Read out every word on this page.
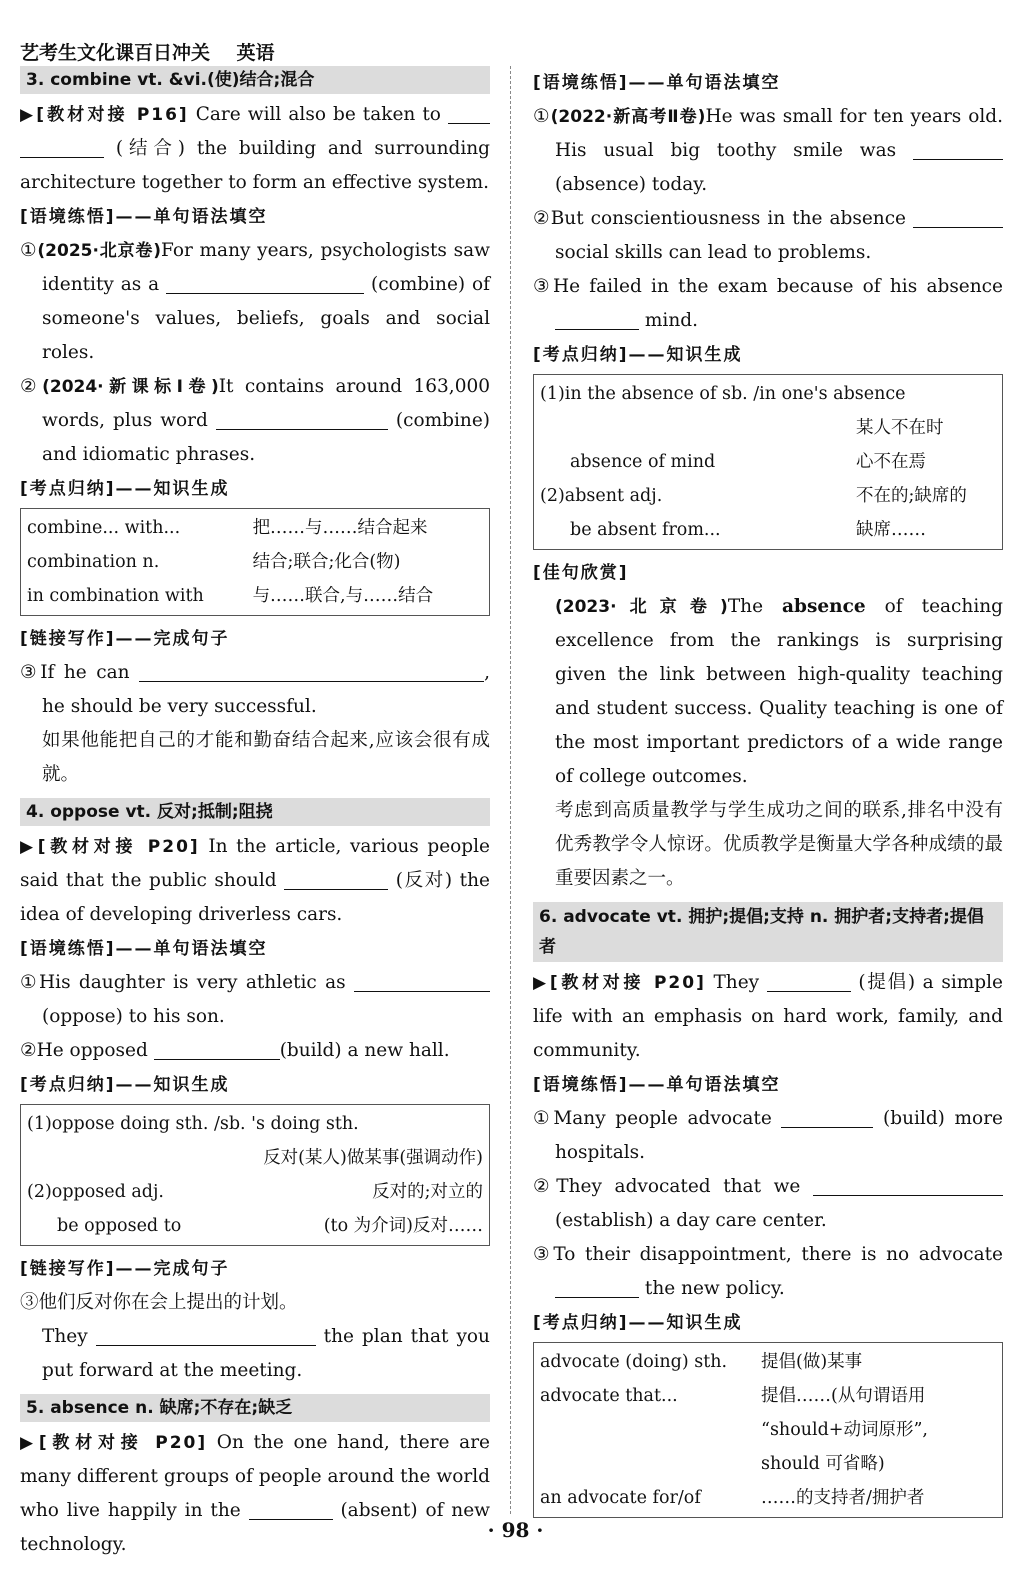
艺考生文化课百日冲关 英语
3. combine vt. &vi.(使)结合;混合

▶[教材对接 P16] Care will also be taken to   (结合) the building and surrounding architecture together to form an effective system.

[语境练悟]——单句语法填空

①(2025·北京卷)For many years, psychologists saw identity as a	(combine) of someone's values, beliefs, goals and social roles.

②(2024·新课标Ⅰ卷)It contains around 163,000 words, plus word	(combine) and idiomatic phrases.

[考点归纳]——知识生成
combine... with...	把……与……结合起来
combination n.	结合;联合;化合(物)
in combination with	与……联合,与……结合
[链接写作]——完成句子

③If he can	, he should be very successful.

如果他能把自己的才能和勤奋结合起来,应该会很有成就。

4. oppose vt. 反对;抵制;阻挠

▶[教材对接 P20] In the article, various people said that the public should	(反对) the idea of developing driverless cars.

[语境练悟]——单句语法填空

①His daughter is very athletic as  (oppose) to his son.

②He opposed	(build) a new hall.

[考点归纳]——知识生成
(1)oppose doing sth. /sb. 's doing sth.	
	反对(某人)做某事(强调动作)
(2)opposed adj.	反对的;对立的
be opposed to	(to 为介词)反对……
[链接写作]——完成句子

③他们反对你在会上提出的计划。

They	the plan that you put forward at the meeting.

5. absence n. 缺席;不存在;缺乏

▶[教材对接 P20] On the one hand, there are many different groups of people around the world who live happily in the	(absent) of new technology.

[语境练悟]——单句语法填空

①(2022·新高考Ⅱ卷)He was small for ten years old. His usual big toothy smile was  (absence) today.

②But conscientiousness in the absence  social skills can lead to problems.

③He failed in the exam because of his absence  mind.

[考点归纳]——知识生成
(1)in the absence of sb. /in one's absence	
	某人不在时
absence of mind	心不在焉
(2)absent adj.	不在的;缺席的
be absent from...	缺席……
[佳句欣赏]

(2023·北京卷)The absence of teaching excellence from the rankings is surprising given the link between high-quality teaching and student success. Quality teaching is one of the most important predictors of a wide range of college outcomes.

考虑到高质量教学与学生成功之间的联系,排名中没有优秀教学令人惊讶。优质教学是衡量大学各种成绩的最重要因素之一。

6. advocate vt. 拥护;提倡;支持 n. 拥护者;支持者;提倡者

▶[教材对接 P20] They	(提倡) a simple life with an emphasis on hard work, family, and community.

[语境练悟]——单句语法填空

①Many people advocate	(build) more hospitals.

②They advocated that we  (establish) a day care center.

③To their disappointment, there is no advocate  the new policy.

[考点归纳]——知识生成
advocate (doing) sth.	提倡(做)某事
advocate that...	提倡……(从句谓语用
	“should+动词原形”,
	should 可省略)
an advocate for/of	……的支持者/拥护者
· 98 ·
